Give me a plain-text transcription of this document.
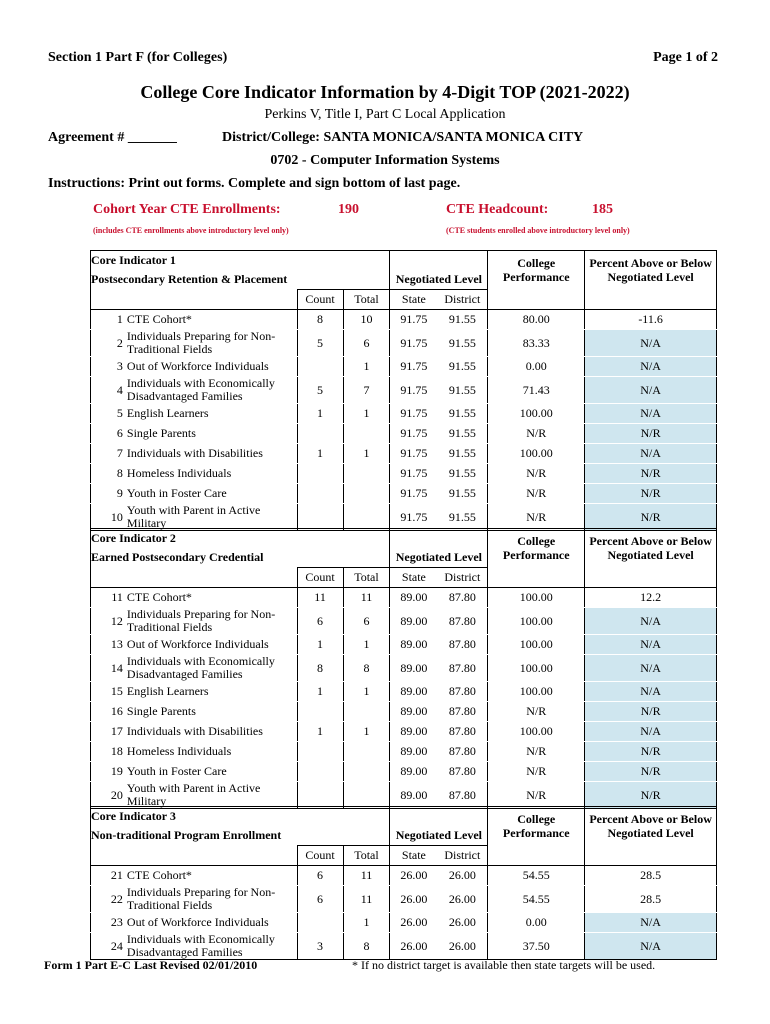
Section 1 Part F (for Colleges)	Page 1 of 2
College Core Indicator Information by 4-Digit TOP (2021-2022)
Perkins V, Title I, Part C Local Application
Agreement # _______	District/College: SANTA MONICA/SANTA MONICA CITY
0702 - Computer Information Systems
Instructions: Print out forms. Complete and sign bottom of last page.
Cohort Year CTE Enrollments:	190
(includes CTE enrollments above introductory level only)
CTE Headcount:	185
(CTE students enrolled above introductory level only)
Core Indicator 1						College
Performance	Percent Above or Below
Negotiated Level
Postsecondary Retention & Placement				Negotiated Level			
		Count	Total	State	District		
1	CTE Cohort*	8	10	91.75	91.55	80.00	-11.6
2	Individuals Preparing for Non-
Traditional Fields	5	6	91.75	91.55	83.33	N/A
3	Out of Workforce Individuals		1	91.75	91.55	0.00	N/A
4	Individuals with Economically
Disadvantaged Families	5	7	91.75	91.55	71.43	N/A
5	English Learners	1	1	91.75	91.55	100.00	N/A
6	Single Parents			91.75	91.55	N/R	N/R
7	Individuals with Disabilities	1	1	91.75	91.55	100.00	N/A
8	Homeless Individuals			91.75	91.55	N/R	N/R
9	Youth in Foster Care			91.75	91.55	N/R	N/R
10	Youth with Parent in Active
Military			91.75	91.55	N/R	N/R
Core Indicator 2						College
Performance	Percent Above or Below
Negotiated Level
Earned Postsecondary Credential				Negotiated Level			
		Count	Total	State	District		
11	CTE Cohort*	11	11	89.00	87.80	100.00	12.2
12	Individuals Preparing for Non-
Traditional Fields	6	6	89.00	87.80	100.00	N/A
13	Out of Workforce Individuals	1	1	89.00	87.80	100.00	N/A
14	Individuals with Economically
Disadvantaged Families	8	8	89.00	87.80	100.00	N/A
15	English Learners	1	1	89.00	87.80	100.00	N/A
16	Single Parents			89.00	87.80	N/R	N/R
17	Individuals with Disabilities	1	1	89.00	87.80	100.00	N/A
18	Homeless Individuals			89.00	87.80	N/R	N/R
19	Youth in Foster Care			89.00	87.80	N/R	N/R
20	Youth with Parent in Active
Military			89.00	87.80	N/R	N/R
Core Indicator 3						College
Performance	Percent Above or Below
Negotiated Level
Non-traditional Program Enrollment				Negotiated Level			
		Count	Total	State	District		
21	CTE Cohort*	6	11	26.00	26.00	54.55	28.5
22	Individuals Preparing for Non-
Traditional Fields	6	11	26.00	26.00	54.55	28.5
23	Out of Workforce Individuals		1	26.00	26.00	0.00	N/A
24	Individuals with Economically
Disadvantaged Families	3	8	26.00	26.00	37.50	N/A
Form 1 Part E-C Last Revised 02/01/2010	* If no district target is available then state targets will be used.
